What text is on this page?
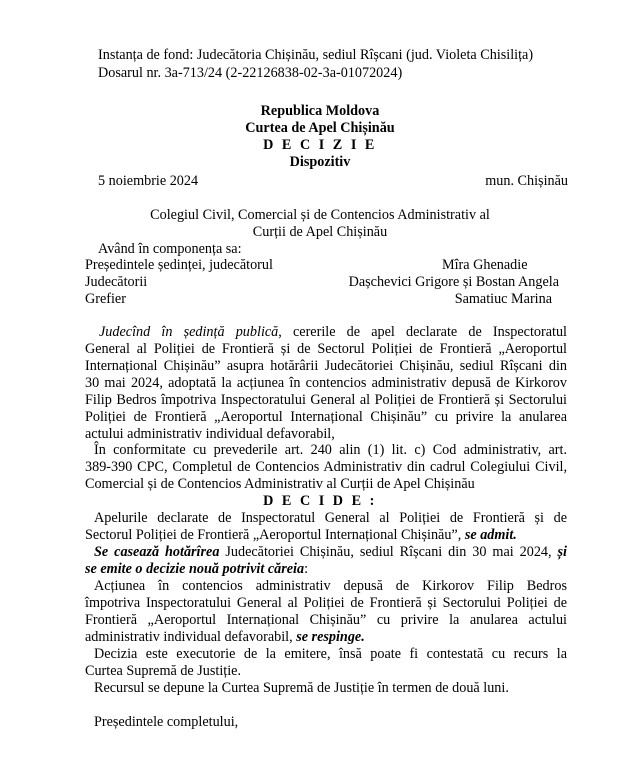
Instanța de fond: Judecătoria Chișinău, sediul Rîșcani (jud. Violeta Chisilița)
Dosarul nr. 3a-713/24 (2-22126838-02-3a-01072024)
Republica Moldova
Curtea de Apel Chișinău
D E C I Z I E
Dispozitiv
5 noiembrie 2024	mun. Chișinău
Colegiul Civil, Comercial și de Contencios Administrativ al
Curții de Apel Chișinău
Având în componența sa:
Președintele ședinței, judecătorul	Mîra Ghenadie
Judecătorii	Dașchevici Grigore și Bostan Angela
Grefier	Samatiuc Marina
Judecînd în ședință publică, cererile de apel declarate de Inspectoratul
General al Poliției de Frontieră și de Sectorul Poliției de Frontieră „Aeroportul
Internațional Chișinău” asupra hotărârii Judecătoriei Chișinău, sediul Rîșcani din
30 mai 2024, adoptată la acțiunea în contencios administrativ depusă de Kirkorov
Filip Bedros împotriva Inspectoratului General al Poliției de Frontieră și Sectorului
Poliției de Frontieră „Aeroportul Internațional Chișinău” cu privire la anularea
actului administrativ individual defavorabil,
În conformitate cu prevederile art. 240 alin (1) lit. c) Cod administrativ, art.
389-390 CPC, Completul de Contencios Administrativ din cadrul Colegiului Civil,
Comercial și de Contencios Administrativ al Curții de Apel Chișinău
D E C I D E :
Apelurile declarate de Inspectoratul General al Poliției de Frontieră și de
Sectorul Poliției de Frontieră „Aeroportul Internațional Chișinău”, se admit.
Se casează hotărîrea Judecătoriei Chișinău, sediul Rîșcani din 30 mai 2024, și
se emite o decizie nouă potrivit căreia:
Acțiunea în contencios administrativ depusă de Kirkorov Filip Bedros
împotriva Inspectoratului General al Poliției de Frontieră și Sectorului Poliției de
Frontieră „Aeroportul Internațional Chișinău” cu privire la anularea actului
administrativ individual defavorabil, se respinge.
Decizia este executorie de la emitere, însă poate fi contestată cu recurs la
Curtea Supremă de Justiție.
Recursul se depune la Curtea Supremă de Justiție în termen de două luni.
Președintele completului,
